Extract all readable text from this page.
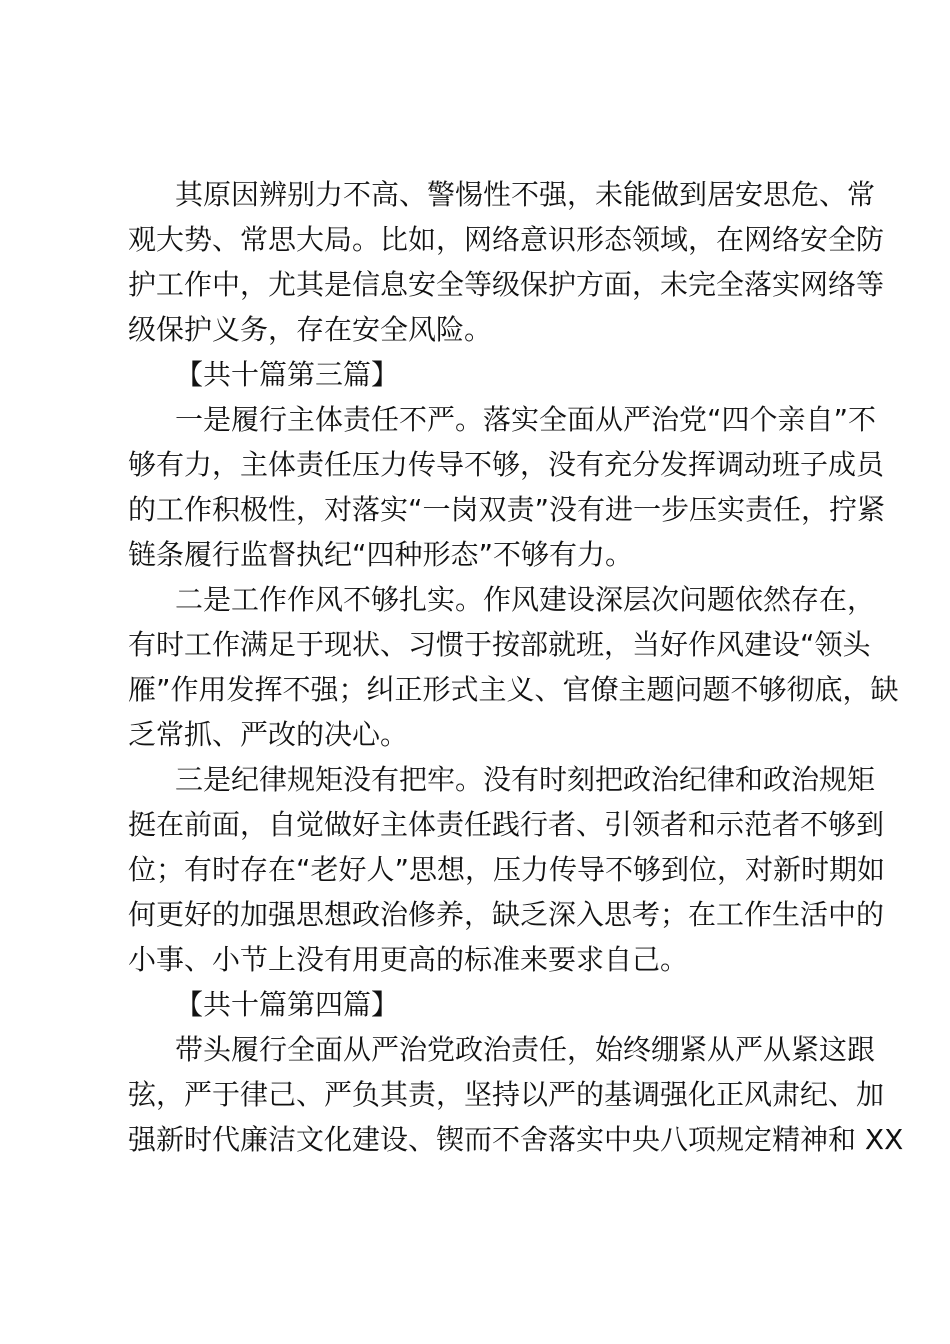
其原因辨别力不高、警惕性不强，未能做到居安思危、常
观大势、常思大局。比如，网络意识形态领域，在网络安全防
护工作中，尤其是信息安全等级保护方面，未完全落实网络等
级保护义务，存在安全风险。
【共十篇第三篇】
一是履行主体责任不严。落实全面从严治党“四个亲自”不
够有力，主体责任压力传导不够，没有充分发挥调动班子成员
的工作积极性，对落实“一岗双责”没有进一步压实责任，拧紧
链条履行监督执纪“四种形态”不够有力。
二是工作作风不够扎实。作风建设深层次问题依然存在，
有时工作满足于现状、习惯于按部就班，当好作风建设“领头
雁”作用发挥不强；纠正形式主义、官僚主题问题不够彻底，缺
乏常抓、严改的决心。
三是纪律规矩没有把牢。没有时刻把政治纪律和政治规矩
挺在前面，自觉做好主体责任践行者、引领者和示范者不够到
位；有时存在“老好人”思想，压力传导不够到位，对新时期如
何更好的加强思想政治修养，缺乏深入思考；在工作生活中的
小事、小节上没有用更高的标准来要求自己。
【共十篇第四篇】
带头履行全面从严治党政治责任，始终绷紧从严从紧这跟
弦，严于律己、严负其责，坚持以严的基调强化正风肃纪、加
强新时代廉洁文化建设、锲而不舍落实中央八项规定精神和 XX
